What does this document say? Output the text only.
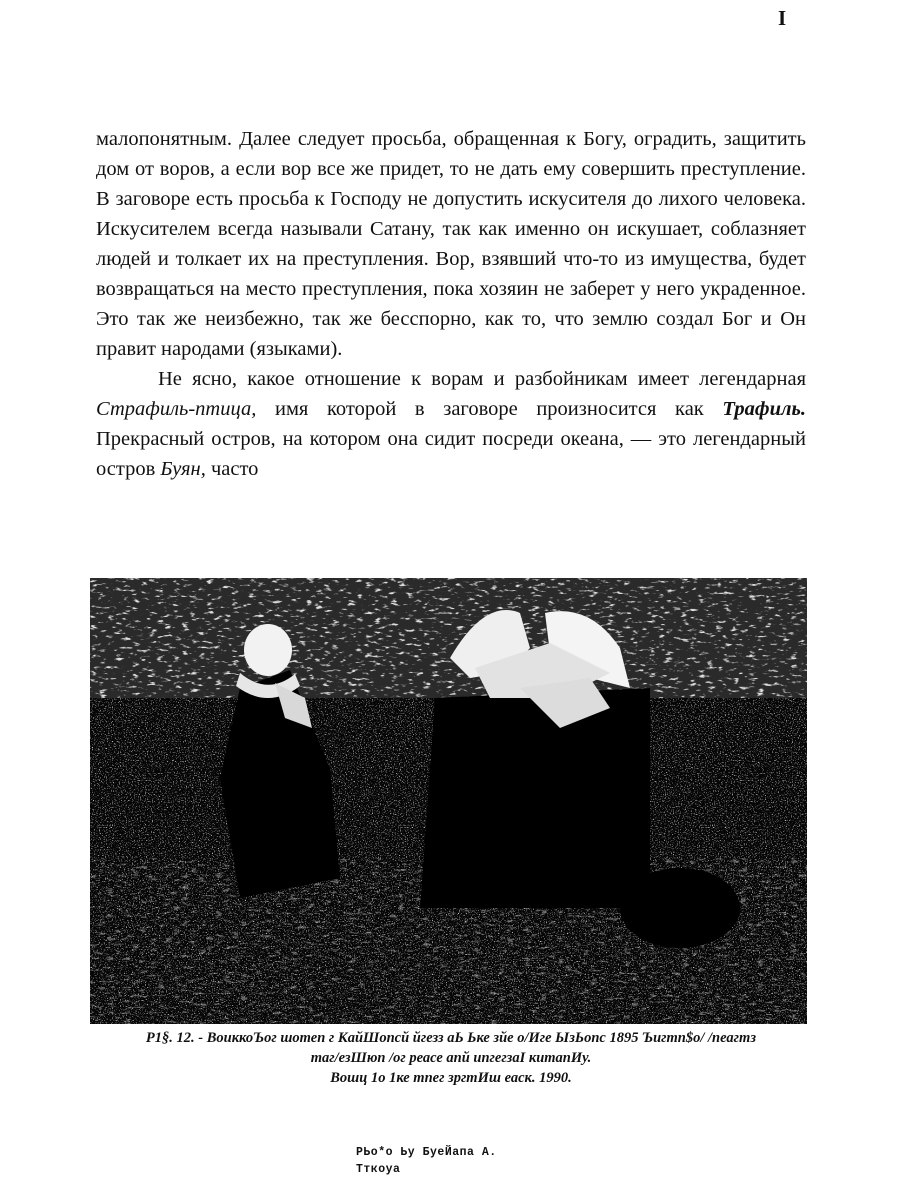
I

малопонятным. Далее следует просьба, обращенная к Богу, оградить, защитить дом от воров, а если вор все же придет, то не дать ему совершить преступление. В заговоре есть просьба к Господу не допустить искусителя до лихого человека. Искусителем всегда называли Сатану, так как именно он искушает, соблазняет людей и толкает их на преступления. Вор, взявший что-то из имущества, будет возвращаться на место преступления, пока хозяин не заберет у него украденное. Это так же неизбежно, так же бесспорно, как то, что землю создал Бог и Он правит народами (языками).

Не ясно, какое отношение к ворам и разбойникам имеет легендарная Страфиль-птица, имя которой в заговоре произносится как Трафиль. Прекрасный остров, на котором она сидит посреди океана, — это легендарный остров Буян, часто

Р1§. 12. - ВоиккоЪог шотеп г КайШопсй йгезз аЬ Ьке зйе о/Иге ЫзЬопс 1895 Ъигтп$о/ /пеагтз
таг/езШюп /ог реасе апй ипгегзаI китапИу.
Вошц 1о 1ке тпег зргтИш еаск. 1990.
РЬо*о Ьу БуеЙапа А.
Тткоуа
